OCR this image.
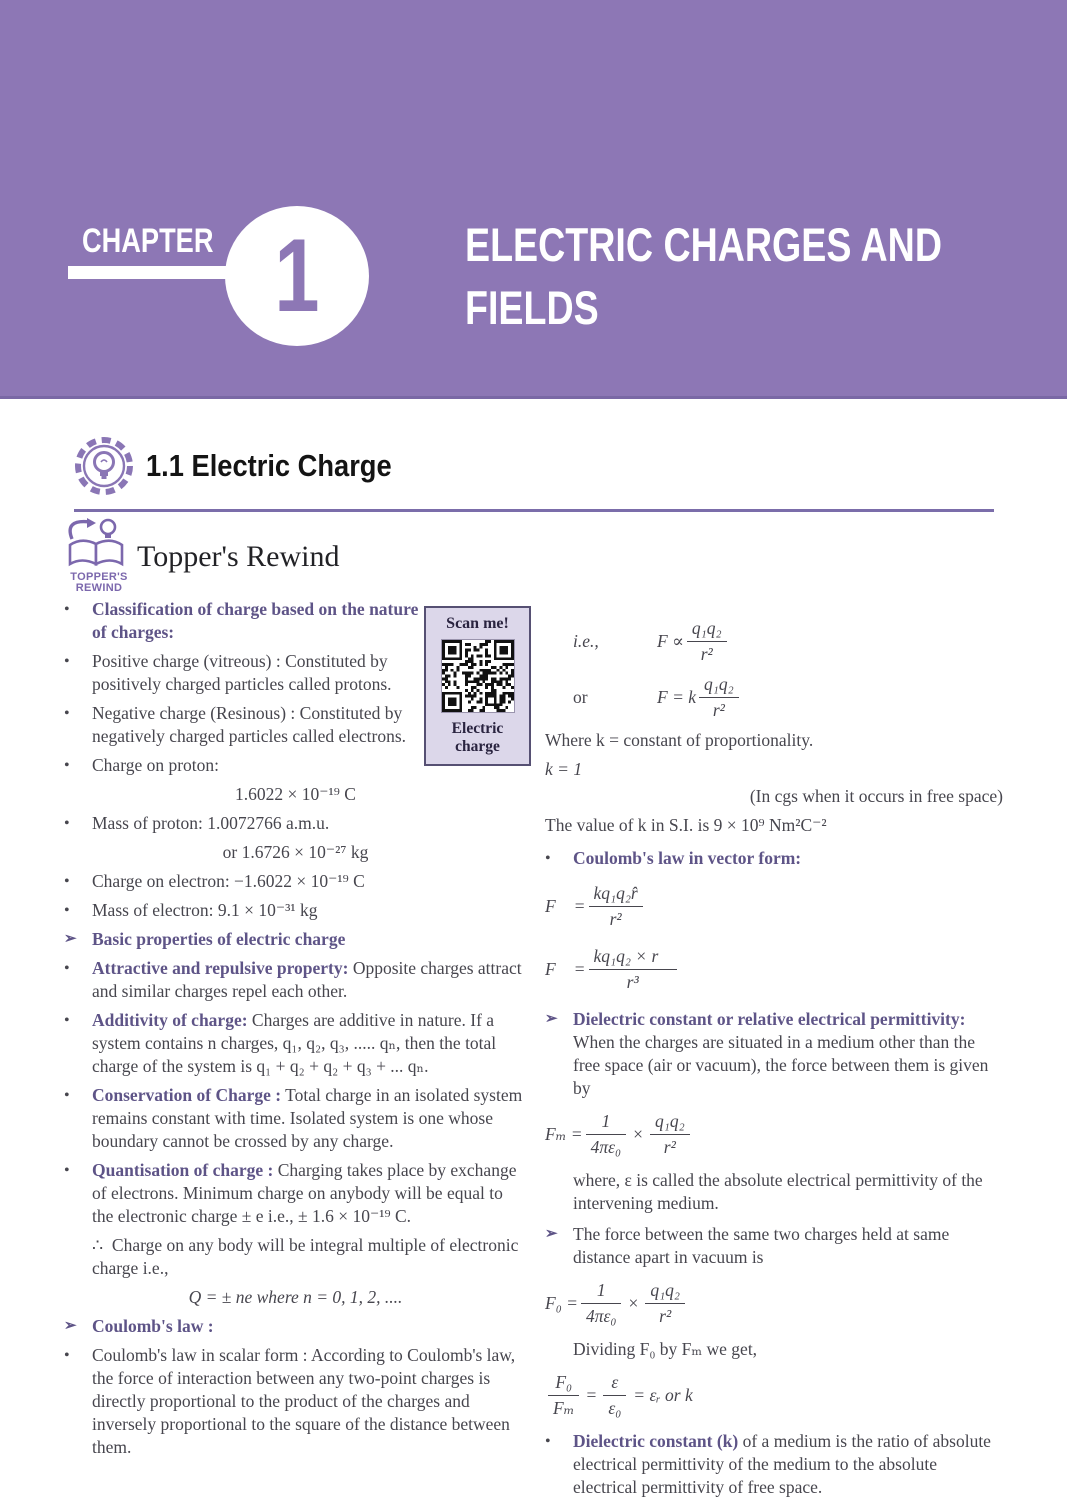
CHAPTER 1	ELECTRIC CHARGES AND
FIELDS
1.1 Electric Charge
TOPPER'S
REWIND
Topper's Rewind
Scan me!
Electric charge
•	Classification of charge based on the nature of charges:
•	Positive charge (vitreous) : Constituted by positively charged particles called protons.
•	Negative charge (Resinous) : Constituted by negatively charged particles called electrons.
•	Charge on proton:
1.6022 × 10⁻¹⁹ C
•	Mass of proton: 1.0072766 a.m.u.
or 1.6726 × 10⁻²⁷ kg
•	Charge on electron: −1.6022 × 10⁻¹⁹ C
•	Mass of electron: 9.1 × 10⁻³¹ kg
➢ Basic properties of electric charge
•	Attractive and repulsive property: Opposite charges attract and similar charges repel each other.
•	Additivity of charge: Charges are additive in nature. If a system contains n charges, q₁, q₂, q₃, ..... qₙ, then the total charge of the system is q₁ + q₂ + q₂ + q₃ + ... qₙ.
•	Conservation of Charge : Total charge in an isolated system remains constant with time. Isolated system is one whose boundary cannot be crossed by any charge.
•	Quantisation of charge : Charging takes place by exchange of electrons. Minimum charge on anybody will be equal to the electronic charge ± e i.e., ± 1.6 × 10⁻¹⁹ C.
∴ Charge on any body will be integral multiple of electronic charge i.e.,
Q = ± ne where n = 0, 1, 2, ....
➢ Coulomb's law :
•	Coulomb's law in scalar form : According to Coulomb's law, the force of interaction between any two-point charges is directly proportional to the product of the charges and inversely proportional to the square of the distance between them.
i.e.,	$F \propto \frac{\text{q₁q₂}}{\text{r²}}$
or	F = k $\frac{\text{q₁q₂}}{\text{r²}}$
Where k = constant of proportionality.
k = 1
(In cgs when it occurs in free space)
The value of k in S.I. is 9 × 10⁹ Nm²C⁻²
•	Coulomb's law in vector form:
F⃗ = $\frac{\text{kq₁q₂r̂}}{\text{r²}}$
F⃗ = $\frac{\text{kq₁q₂ × r⃗}}{\text{r³}}$
➢ Dielectric constant or relative electrical permittivity: When the charges are situated in a medium other than the free space (air or vacuum), the force between them is given by
$F_m = \frac{1}{\text{4πε₀}} \times \frac{\text{q₁q₂}}{\text{r²}}$
where, ε is called the absolute electrical permittivity of the intervening medium.
➢ The force between the same two charges held at same distance apart in vacuum is
$F_0 = \frac{1}{\text{4πε₀}} \times \frac{\text{q₁q₂}}{\text{r²}}$
Dividing F₀ by Fₘ we get,
$\frac{\text{F₀}}{\text{Fₘ}} = \frac{\varepsilon}{\text{ε₀}}$ = εᵣ or k
•	Dielectric constant (k) of a medium is the ratio of absolute electrical permittivity of the medium to the absolute electrical permittivity of free space.
